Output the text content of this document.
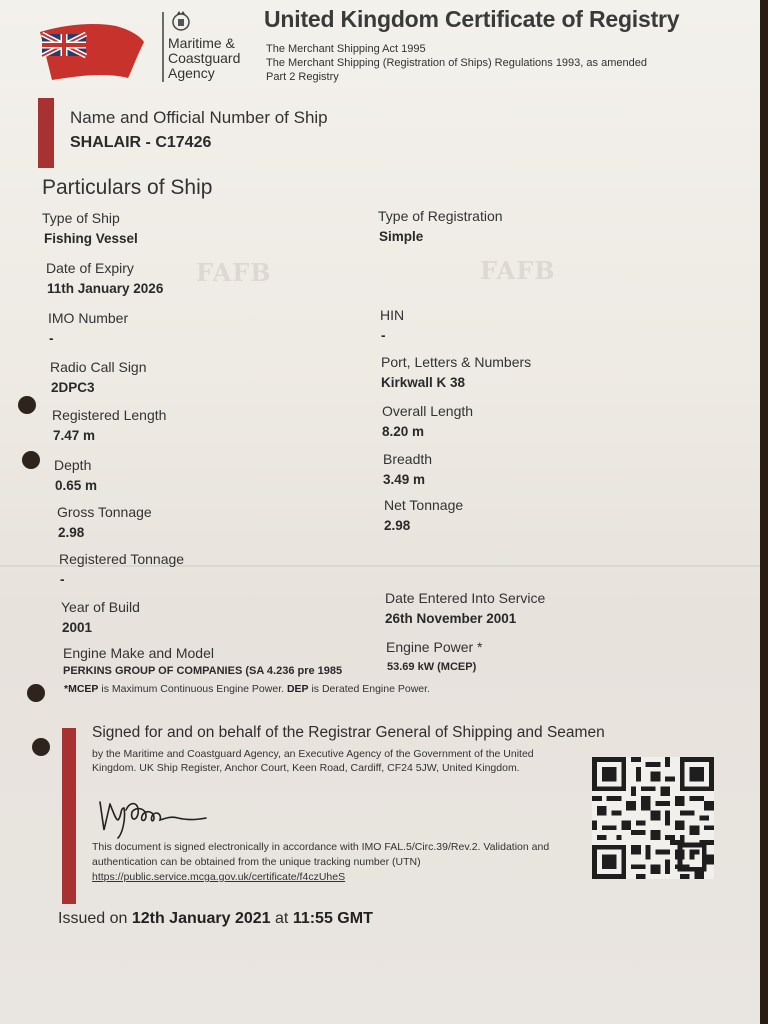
Maritime &
Coastguard
Agency
United Kingdom Certificate of Registry
The Merchant Shipping Act 1995
The Merchant Shipping (Registration of Ships) Regulations 1993, as amended
Part 2 Registry
Name and Official Number of Ship
SHALAIR - C17426
Particulars of Ship
FAFB	FAFB
Type of Ship
Fishing Vessel
Date of Expiry
11th January 2026
IMO Number
-
Radio Call Sign
2DPC3
Registered Length
7.47 m
Depth
0.65 m
Gross Tonnage
2.98
Registered Tonnage
-
Year of Build
2001
Engine Make and Model
PERKINS GROUP OF COMPANIES (SA 4.236 pre 1985
Type of Registration
Simple
HIN
-
Port, Letters & Numbers
Kirkwall K 38
Overall Length
8.20 m
Breadth
3.49 m
Net Tonnage
2.98
Date Entered Into Service
26th November 2001
Engine Power *
53.69 kW (MCEP)
*MCEP is Maximum Continuous Engine Power. DEP is Derated Engine Power.
Signed for and on behalf of the Registrar General of Shipping and Seamen
by the Maritime and Coastguard Agency, an Executive Agency of the Government of the United Kingdom. UK Ship Register, Anchor Court, Keen Road, Cardiff, CF24 5JW, United Kingdom.
This document is signed electronically in accordance with IMO FAL.5/Circ.39/Rev.2. Validation and authentication can be obtained from the unique tracking number (UTN)
https://public.service.mcga.gov.uk/certificate/f4czUheS
Issued on 12th January 2021 at 11:55 GMT
